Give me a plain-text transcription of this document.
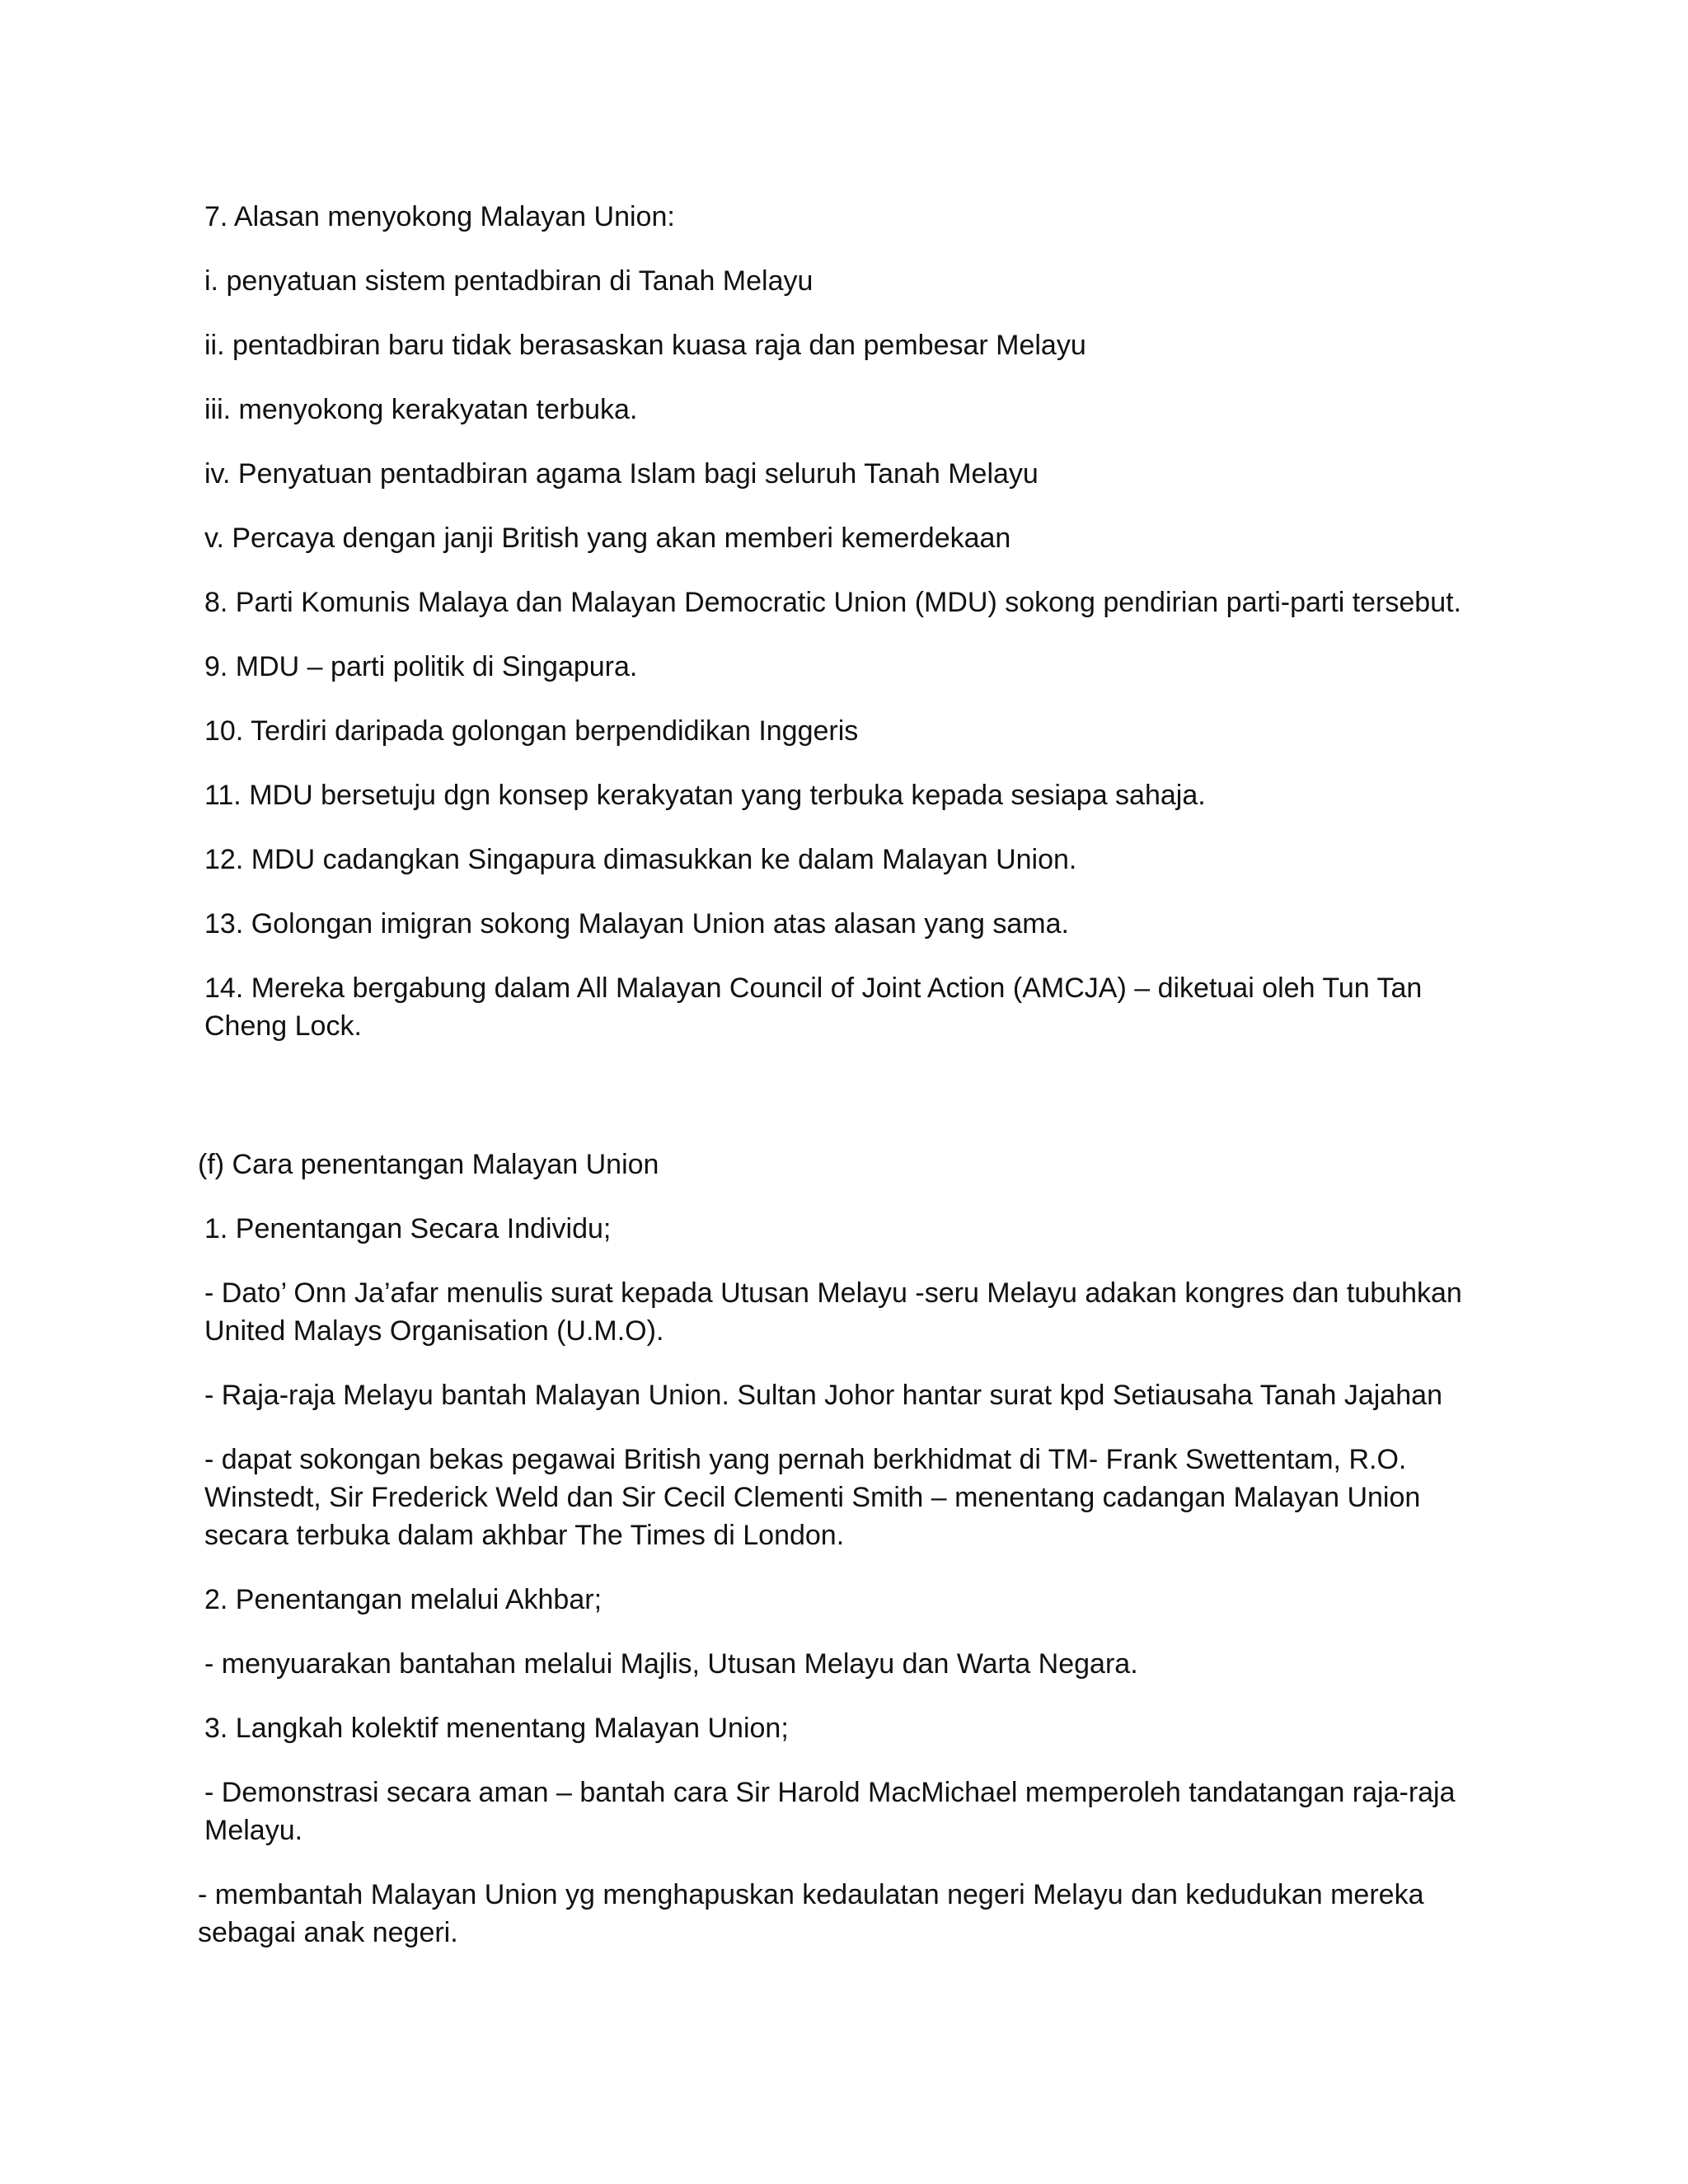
7. Alasan menyokong Malayan Union:

i. penyatuan sistem pentadbiran di Tanah Melayu

ii. pentadbiran baru tidak berasaskan kuasa raja dan pembesar Melayu

iii. menyokong kerakyatan terbuka.

iv. Penyatuan pentadbiran agama Islam bagi seluruh Tanah Melayu

v. Percaya dengan janji British yang akan memberi kemerdekaan

8. Parti Komunis Malaya dan Malayan Democratic Union (MDU) sokong pendirian parti-parti tersebut.

9. MDU – parti politik di Singapura.

10. Terdiri daripada golongan berpendidikan Inggeris

11. MDU bersetuju dgn konsep kerakyatan yang terbuka kepada sesiapa sahaja.

12. MDU cadangkan Singapura dimasukkan ke dalam Malayan Union.

13. Golongan imigran sokong Malayan Union atas alasan yang sama.

14. Mereka bergabung dalam All Malayan Council of Joint Action (AMCJA) – diketuai oleh Tun Tan Cheng Lock.

(f) Cara penentangan Malayan Union

1. Penentangan Secara Individu;

- Dato’ Onn Ja’afar menulis surat kepada Utusan Melayu -seru Melayu adakan kongres dan tubuhkan United Malays Organisation (U.M.O).

- Raja-raja Melayu bantah Malayan Union. Sultan Johor hantar surat kpd Setiausaha Tanah Jajahan

- dapat sokongan bekas pegawai British yang pernah berkhidmat di TM- Frank Swettentam, R.O. Winstedt, Sir Frederick Weld dan Sir Cecil Clementi Smith – menentang cadangan Malayan Union secara terbuka dalam akhbar The Times di London.

2. Penentangan melalui Akhbar;

- menyuarakan bantahan melalui Majlis, Utusan Melayu dan Warta Negara.

3. Langkah kolektif menentang Malayan Union;

- Demonstrasi secara aman – bantah cara Sir Harold MacMichael memperoleh tandatangan raja-raja Melayu.

- membantah Malayan Union yg menghapuskan kedaulatan negeri Melayu dan kedudukan mereka sebagai anak negeri.
